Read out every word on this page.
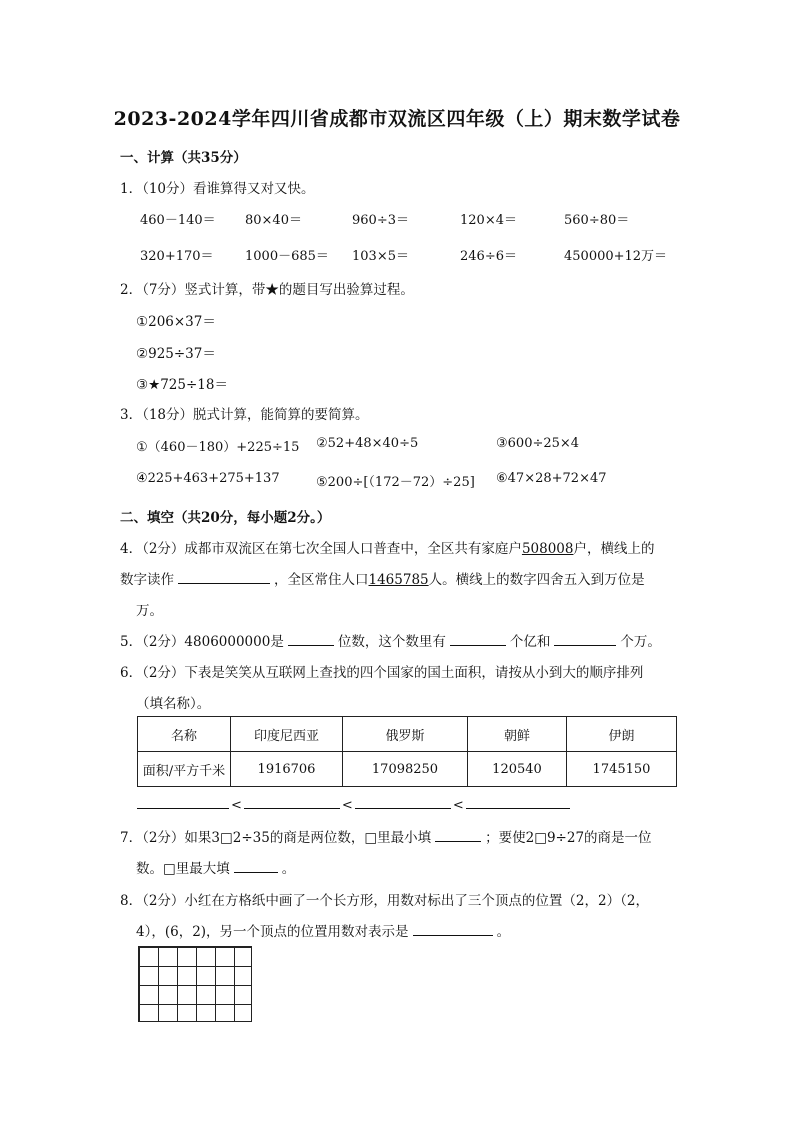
2023-2024学年四川省成都市双流区四年级（上）期末数学试卷
一、计算（共35分）
1．（10分）看谁算得又对又快。
460－140＝ 80×40＝	960÷3＝	120×4＝	560÷80＝
320+170＝ 1000－685＝ 103×5＝	246÷6＝	450000+12万＝
2．（7分）竖式计算，带★的题目写出验算过程。
①206×37＝
②925÷37＝
③★725÷18＝
3．（18分）脱式计算，能简算的要简算。
①（460－180）+225÷15 ②52+48×40÷5	③600÷25×4
④225+463+275+137	⑤200÷[（172－72）÷25] ⑥47×28+72×47
二、填空（共20分，每小题2分。）
4．（2分）成都市双流区在第七次全国人口普查中，全区共有家庭户508008户，横线上的
数字读作	，全区常住人口1465785人。横线上的数字四舍五入到万位是
万。
5．（2分）4806000000是	位数，这个数里有	个亿和	个万。
6．（2分）下表是笑笑从互联网上查找的四个国家的国土面积，请按从小到大的顺序排列
（填名称）。
名称	印度尼西亚	俄罗斯	朝鲜	伊朗
面积/平方千米	1916706	17098250	120540	1745150
<	<	<
7．（2分）如果3□2÷35的商是两位数，□里最小填	；要使2□9÷27的商是一位
数。□里最大填	。
8．（2分）小红在方格纸中画了一个长方形，用数对标出了三个顶点的位置（2，2）（2，
4），(6，2)，另一个顶点的位置用数对表示是	。
